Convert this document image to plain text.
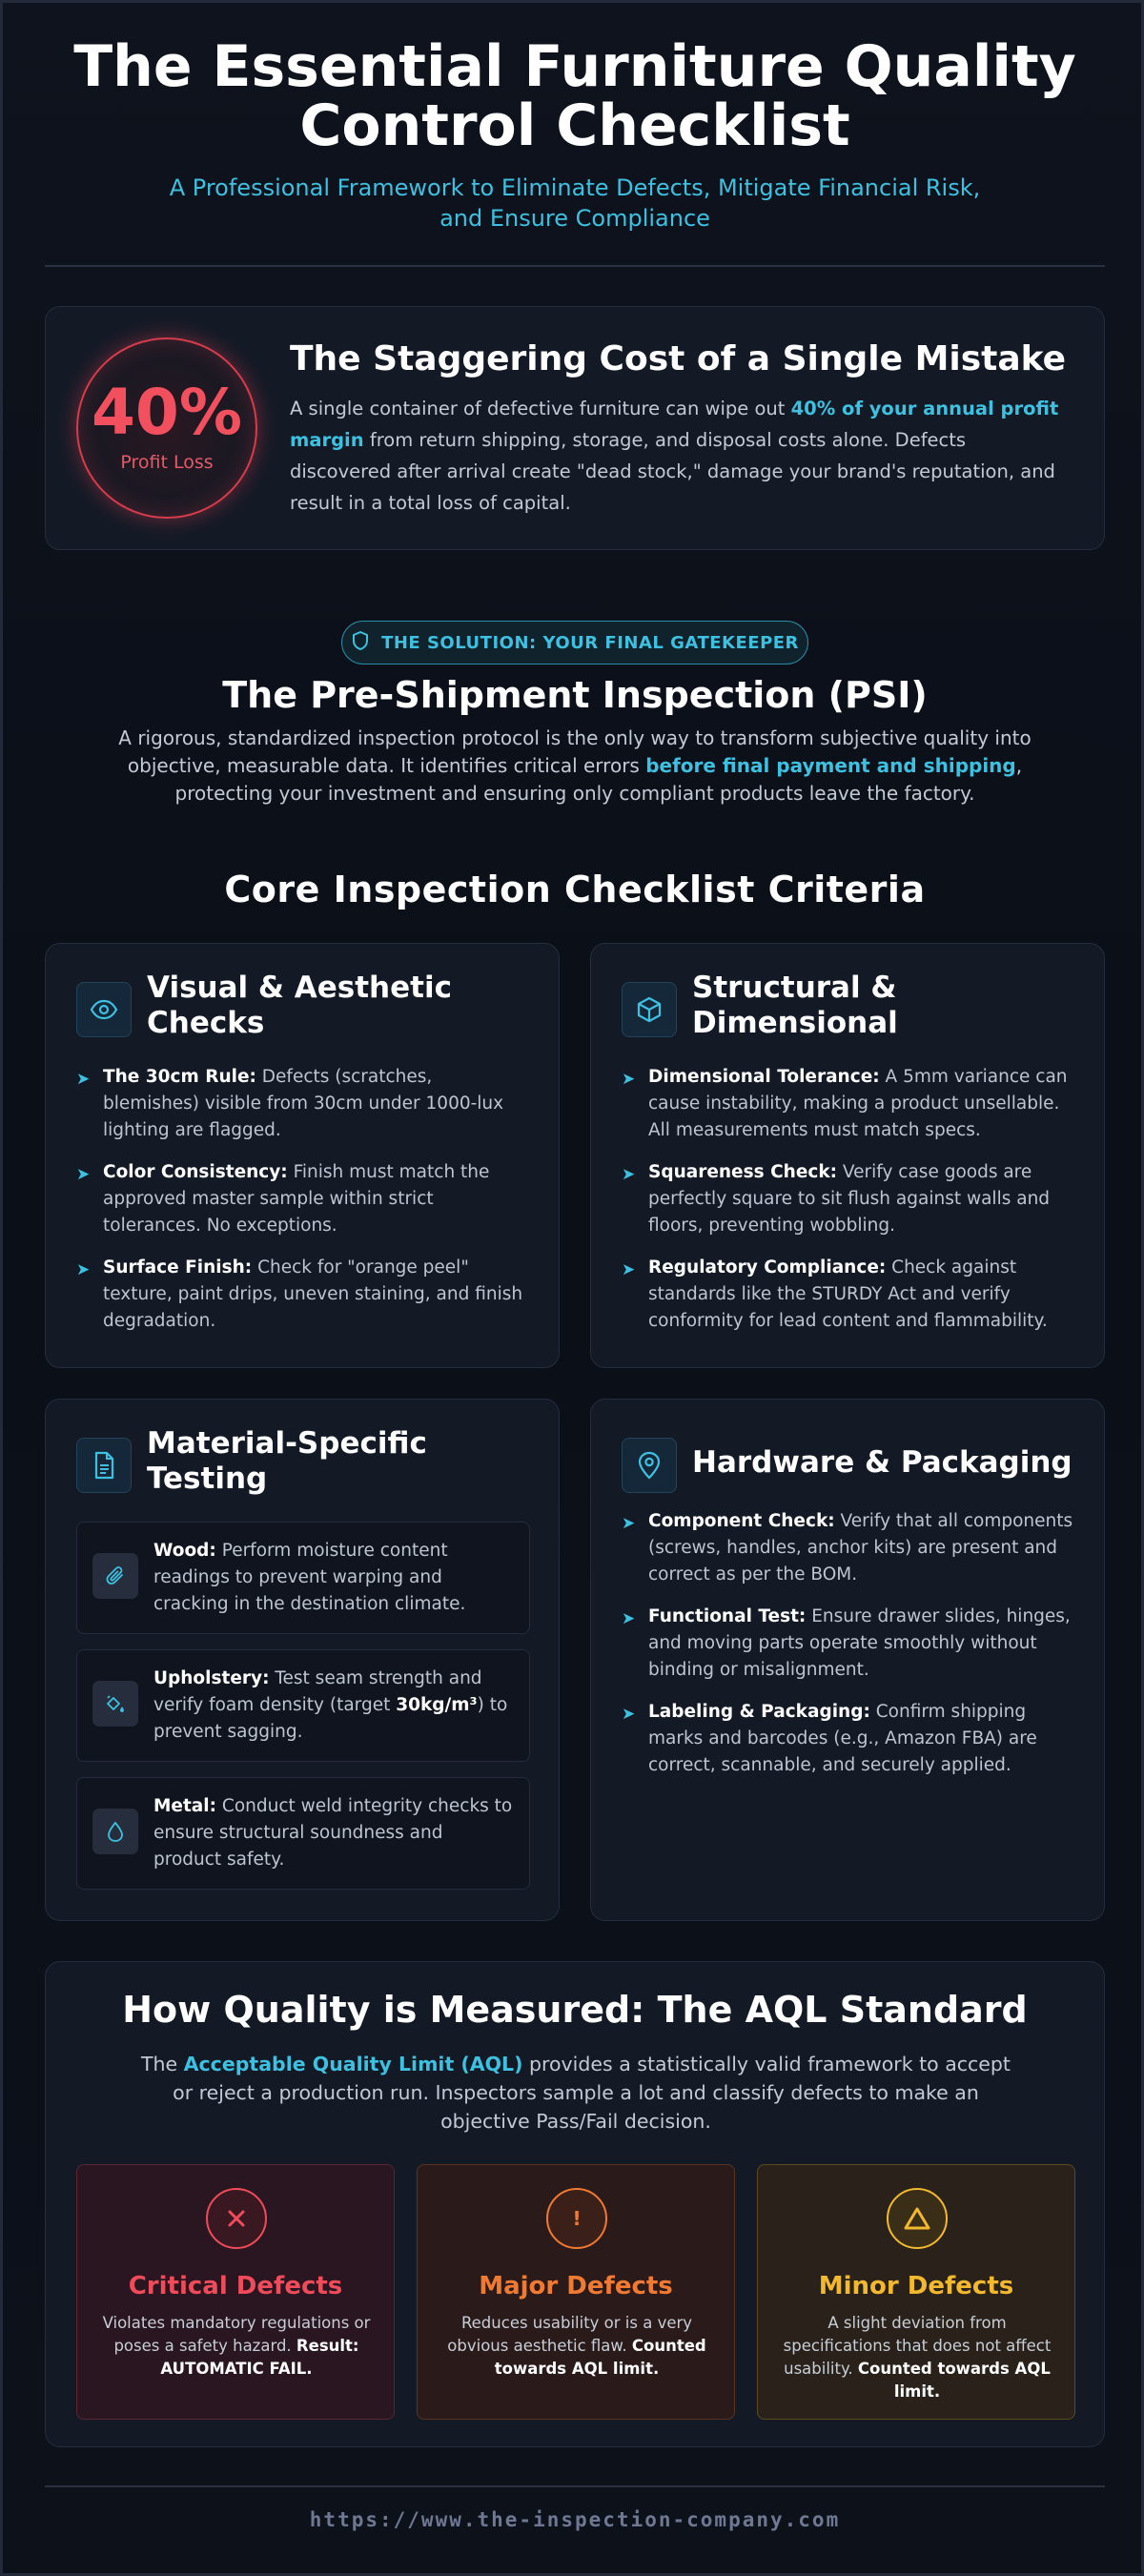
The Essential Furniture Quality Control Checklist
A Professional Framework to Eliminate Defects, Mitigate Financial Risk, and Ensure Compliance
40%
Profit Loss
The Staggering Cost of a Single Mistake

A single container of defective furniture can wipe out 40% of your annual profit margin from return shipping, storage, and disposal costs alone. Defects discovered after arrival create "dead stock," damage your brand's reputation, and result in a total loss of capital.

THE SOLUTION: YOUR FINAL GATEKEEPER
The Pre-Shipment Inspection (PSI)

A rigorous, standardized inspection protocol is the only way to transform subjective quality into objective, measurable data. It identifies critical errors before final payment and shipping, protecting your investment and ensuring only compliant products leave the factory.

Core Inspection Checklist Criteria
Visual & Aesthetic Checks
➤ The 30cm Rule: Defects (scratches, blemishes) visible from 30cm under 1000-lux lighting are flagged.
➤ Color Consistency: Finish must match the approved master sample within strict tolerances. No exceptions.
➤ Surface Finish: Check for "orange peel" texture, paint drips, uneven staining, and finish degradation.
Structural & Dimensional
➤ Dimensional Tolerance: A 5mm variance can cause instability, making a product unsellable. All measurements must match specs.
➤ Squareness Check: Verify case goods are perfectly square to sit flush against walls and floors, preventing wobbling.
➤ Regulatory Compliance: Check against standards like the STURDY Act and verify conformity for lead content and flammability.
Material-Specific Testing
Wood: Perform moisture content readings to prevent warping and cracking in the destination climate.
Upholstery: Test seam strength and verify foam density (target 30kg/m³) to prevent sagging.
Metal: Conduct weld integrity checks to ensure structural soundness and product safety.
Hardware & Packaging
➤ Component Check: Verify that all components (screws, handles, anchor kits) are present and correct as per the BOM.
➤ Functional Test: Ensure drawer slides, hinges, and moving parts operate smoothly without binding or misalignment.
➤ Labeling & Packaging: Confirm shipping marks and barcodes (e.g., Amazon FBA) are correct, scannable, and securely applied.
How Quality is Measured: The AQL Standard

The Acceptable Quality Limit (AQL) provides a statistically valid framework to accept or reject a production run. Inspectors sample a lot and classify defects to make an objective Pass/Fail decision.

Critical Defects
Violates mandatory regulations or poses a safety hazard. Result: AUTOMATIC FAIL.
!
Major Defects
Reduces usability or is a very obvious aesthetic flaw. Counted towards AQL limit.
Minor Defects
A slight deviation from specifications that does not affect usability. Counted towards AQL limit.
https://www.the-inspection-company.com
